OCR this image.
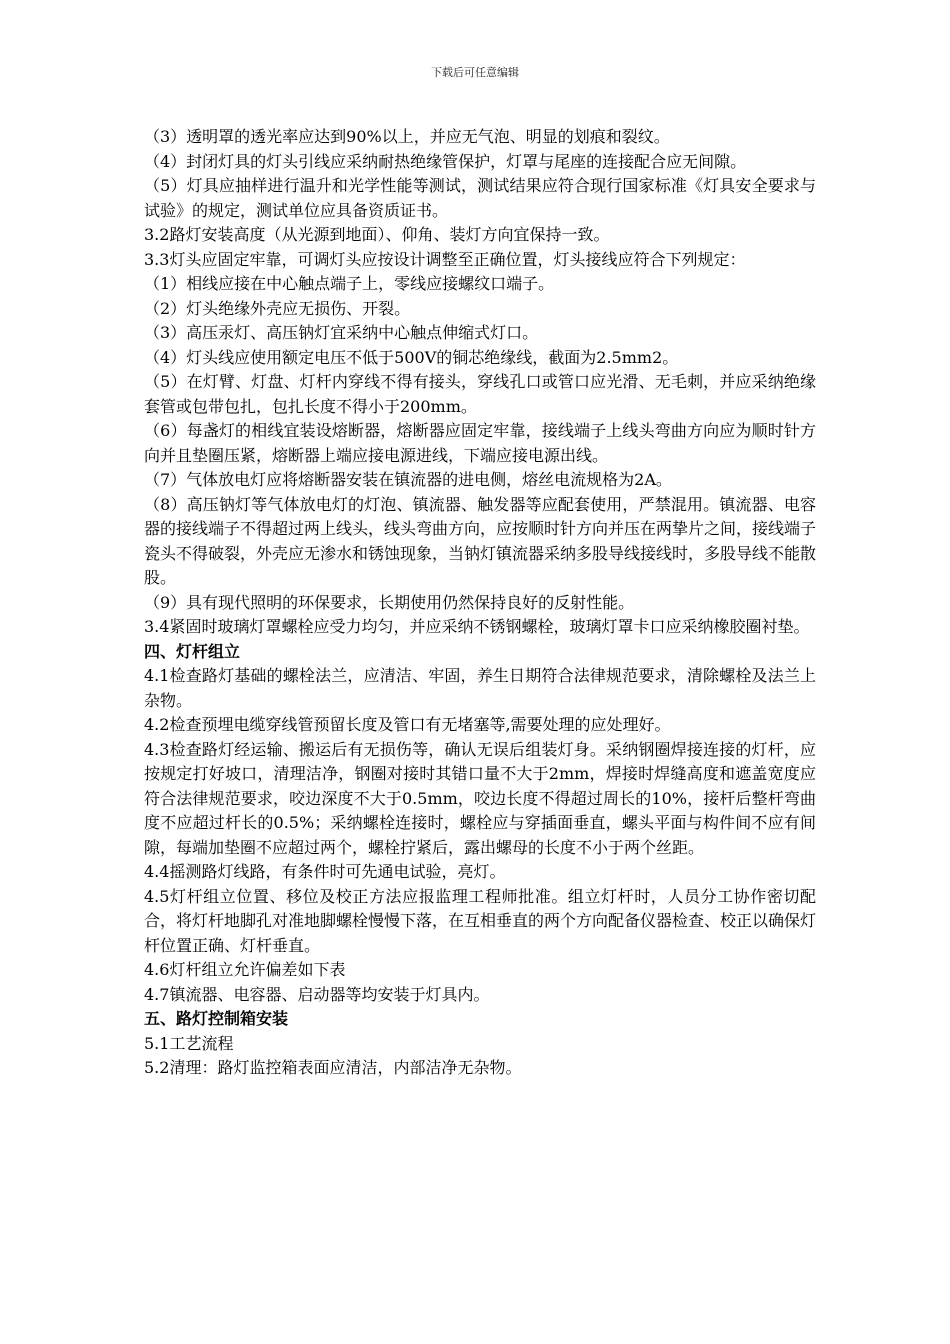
下载后可任意编辑

（3）透明罩的透光率应达到90%以上，并应无气泡、明显的划痕和裂纹。

（4）封闭灯具的灯头引线应采纳耐热绝缘管保护，灯罩与尾座的连接配合应无间隙。

（5）灯具应抽样进行温升和光学性能等测试，测试结果应符合现行国家标准《灯具安全要求与试验》的规定，测试单位应具备资质证书。

3.2路灯安装高度（从光源到地面）、仰角、装灯方向宜保持一致。

3.3灯头应固定牢靠，可调灯头应按设计调整至正确位置，灯头接线应符合下列规定：

（1）相线应接在中心触点端子上，零线应接螺纹口端子。

（2）灯头绝缘外壳应无损伤、开裂。

（3）高压汞灯、高压钠灯宜采纳中心触点伸缩式灯口。

（4）灯头线应使用额定电压不低于500V的铜芯绝缘线，截面为2.5mm2。

（5）在灯臂、灯盘、灯杆内穿线不得有接头，穿线孔口或管口应光滑、无毛刺，并应采纳绝缘套管或包带包扎，包扎长度不得小于200mm。

（6）每盏灯的相线宜装设熔断器，熔断器应固定牢靠，接线端子上线头弯曲方向应为顺时针方向并且垫圈压紧，熔断器上端应接电源进线，下端应接电源出线。

（7）气体放电灯应将熔断器安装在镇流器的进电侧，熔丝电流规格为2A。

（8）高压钠灯等气体放电灯的灯泡、镇流器、触发器等应配套使用，严禁混用。镇流器、电容器的接线端子不得超过两上线头，线头弯曲方向，应按顺时针方向并压在两挚片之间，接线端子瓷头不得破裂，外壳应无渗水和锈蚀现象，当钠灯镇流器采纳多股导线接线时，多股导线不能散股。

（9）具有现代照明的环保要求，长期使用仍然保持良好的反射性能。

3.4紧固时玻璃灯罩螺栓应受力均匀，并应采纳不锈钢螺栓，玻璃灯罩卡口应采纳橡胶圈衬垫。

四、灯杆组立

4.1检查路灯基础的螺栓法兰，应清洁、牢固，养生日期符合法律规范要求，清除螺栓及法兰上杂物。

4.2检查预埋电缆穿线管预留长度及管口有无堵塞等,需要处理的应处理好。

4.3检查路灯经运输、搬运后有无损伤等，确认无误后组装灯身。采纳钢圈焊接连接的灯杆，应按规定打好坡口，清理洁净，钢圈对接时其错口量不大于2mm，焊接时焊缝高度和遮盖宽度应符合法律规范要求，咬边深度不大于0.5mm，咬边长度不得超过周长的10%，接杆后整杆弯曲度不应超过杆长的0.5%；采纳螺栓连接时，螺栓应与穿插面垂直，螺头平面与构件间不应有间隙，每端加垫圈不应超过两个，螺栓拧紧后，露出螺母的长度不小于两个丝距。

4.4摇测路灯线路，有条件时可先通电试验，亮灯。

4.5灯杆组立位置、移位及校正方法应报监理工程师批准。组立灯杆时，人员分工协作密切配合，将灯杆地脚孔对准地脚螺栓慢慢下落，在互相垂直的两个方向配备仪器检查、校正以确保灯杆位置正确、灯杆垂直。

4.6灯杆组立允许偏差如下表

4.7镇流器、电容器、启动器等均安装于灯具内。

五、路灯控制箱安装

5.1工艺流程

5.2清理：路灯监控箱表面应清洁，内部洁净无杂物。
